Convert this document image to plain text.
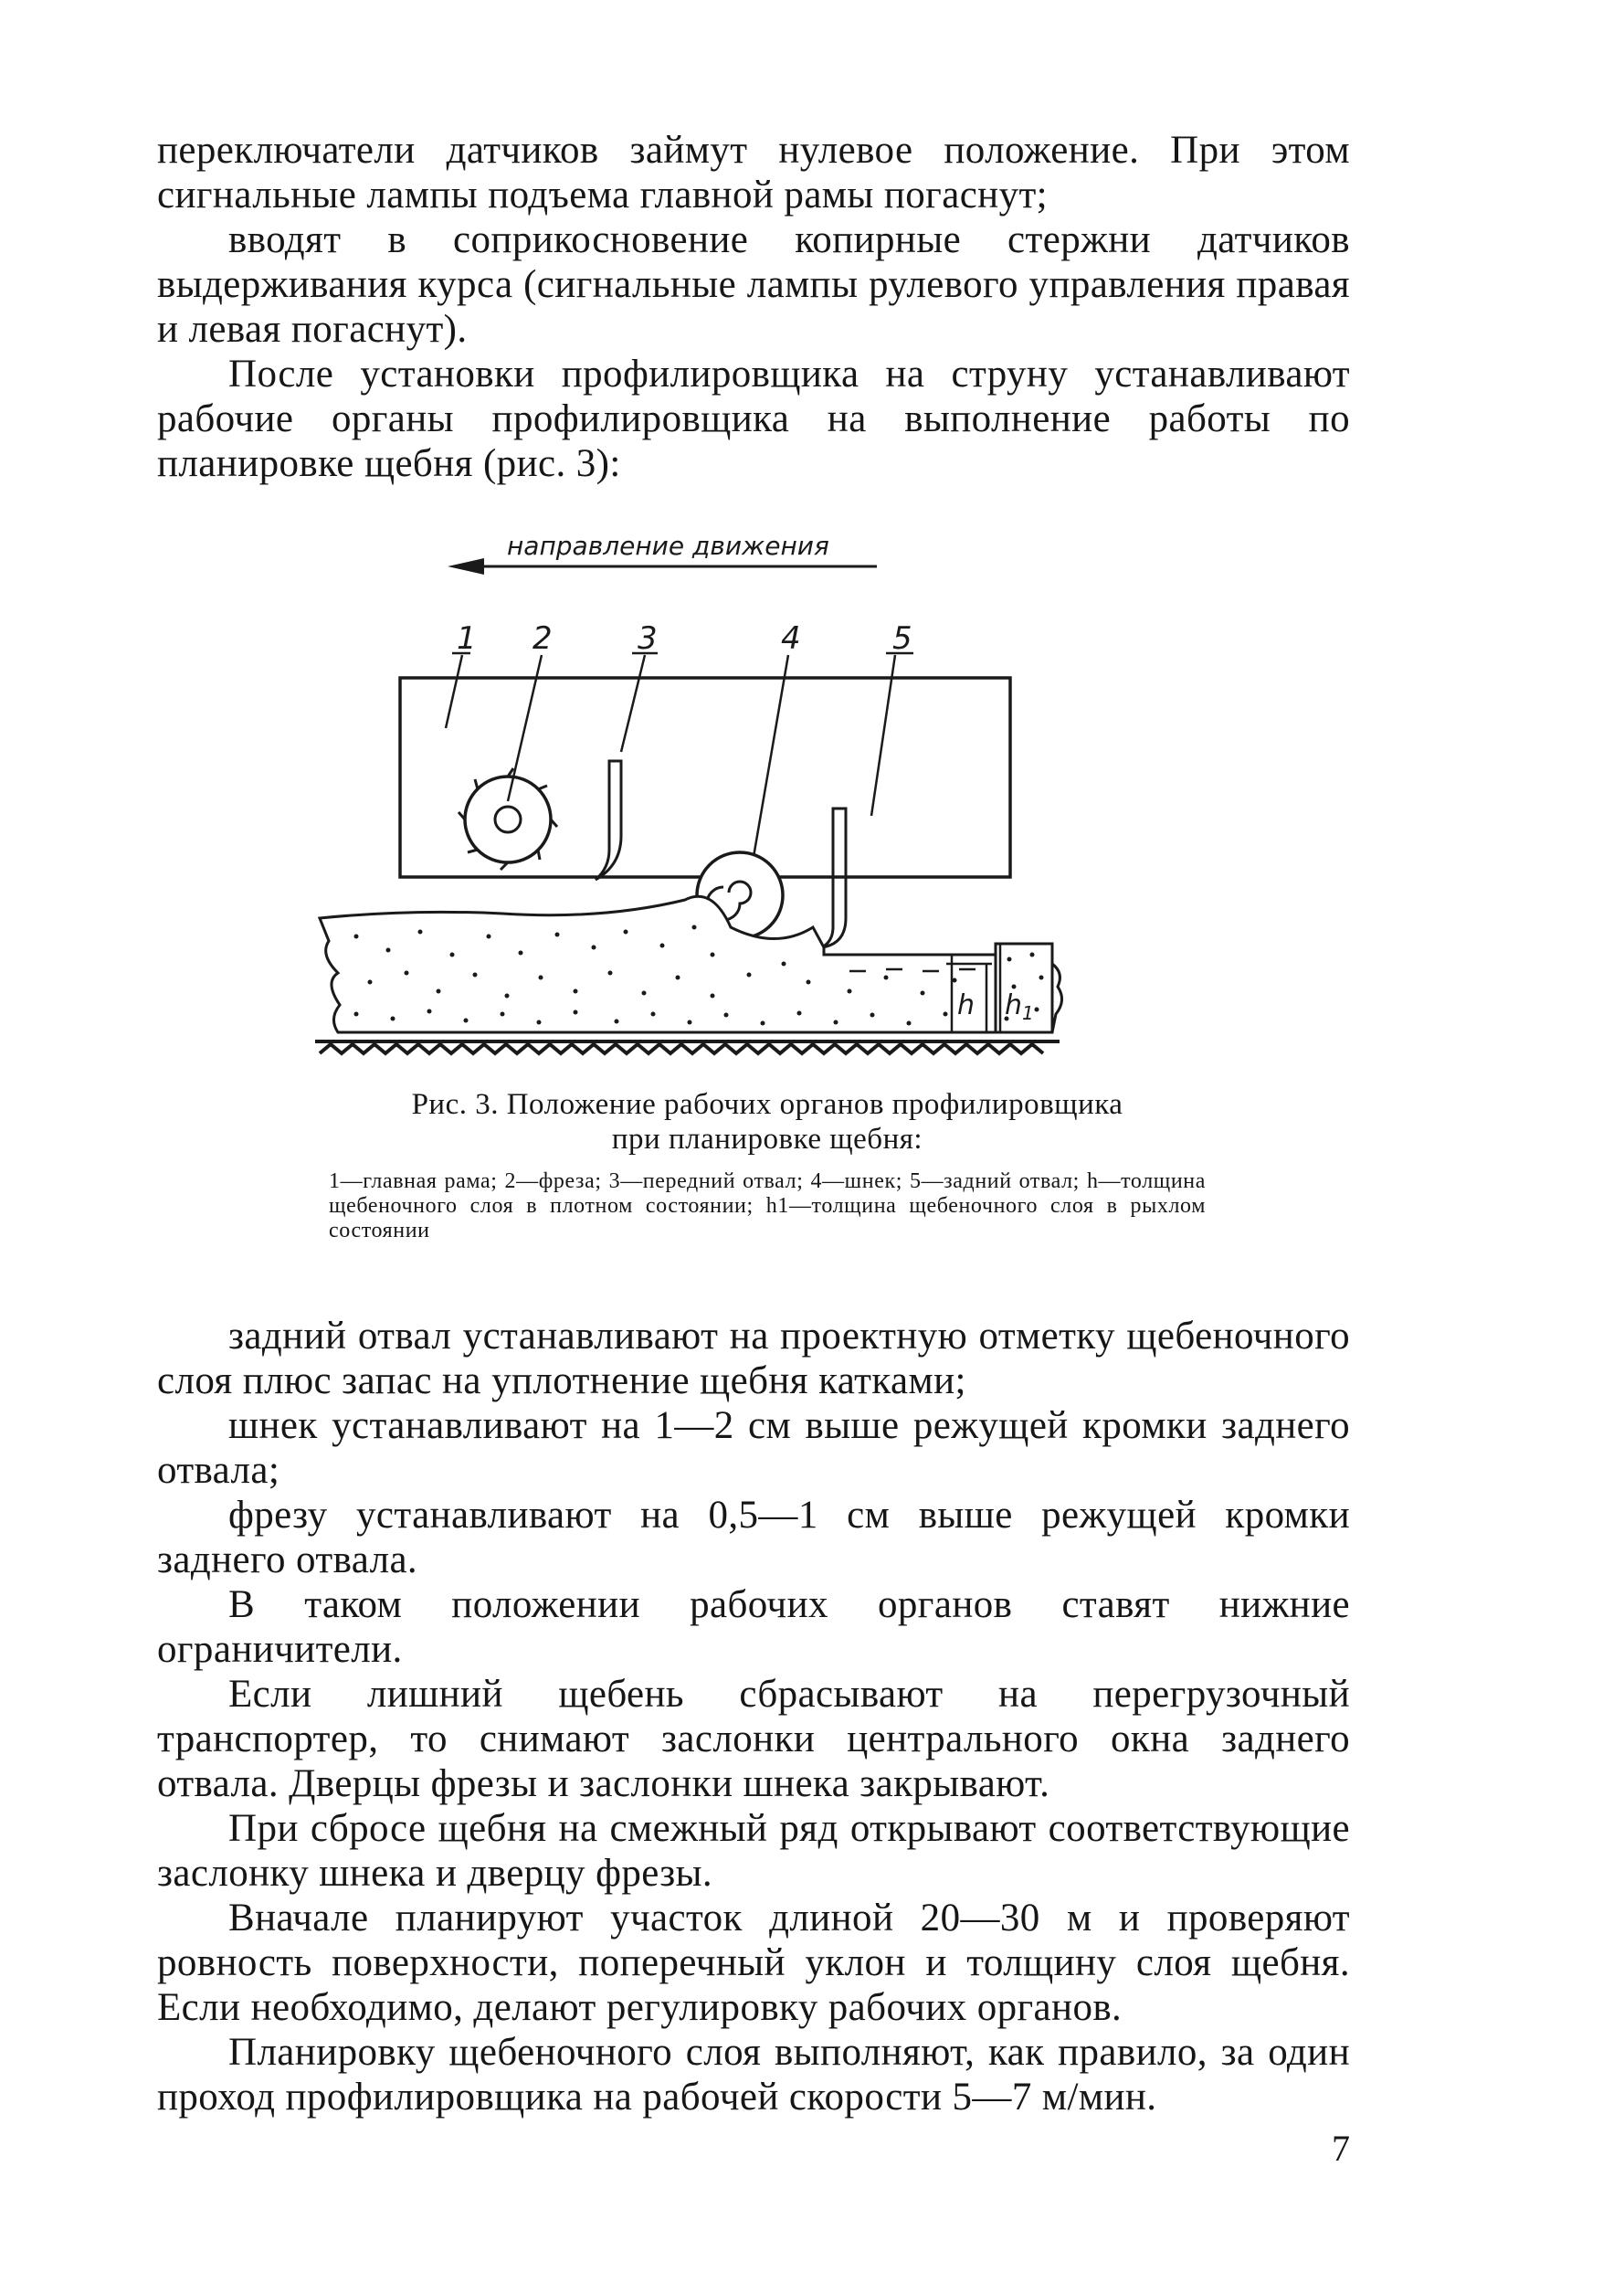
переключатели датчиков займут нулевое положение. При этом сигнальные лампы подъема главной рамы погаснут;

вводят в соприкосновение копирные стержни датчиков выдерживания курса (сигнальные лампы рулевого управления правая и левая погаснут).

После установки профилировщика на струну устанавливают рабочие органы профилировщика на выполнение работы по планировке щебня (рис. 3):

направление движения
1 2	3	4	5
h $h_1$
Рис. 3. Положение рабочих органов профилировщика
при планировке щебня:
1—главная рама; 2—фреза; 3—передний отвал; 4—шнек; 5—задний отвал; h—толщина щебеночного слоя в плотном состоянии; h1—толщина щебеночного слоя в рыхлом состоянии

задний отвал устанавливают на проектную отметку щебеночного слоя плюс запас на уплотнение щебня катками;

шнек устанавливают на 1—2 см выше режущей кромки заднего отвала;

фрезу устанавливают на 0,5—1 см выше режущей кромки заднего отвала.

В таком положении рабочих органов ставят нижние ограничители.

Если лишний щебень сбрасывают на перегрузочный транспортер, то снимают заслонки центрального окна заднего отвала. Дверцы фрезы и заслонки шнека закрывают.

При сбросе щебня на смежный ряд открывают соответствующие заслонку шнека и дверцу фрезы.

Вначале планируют участок длиной 20—30 м и проверяют ровность поверхности, поперечный уклон и толщину слоя щебня. Если необходимо, делают регулировку рабочих органов.

Планировку щебеночного слоя выполняют, как правило, за один проход профилировщика на рабочей скорости 5—7 м/мин.

7
